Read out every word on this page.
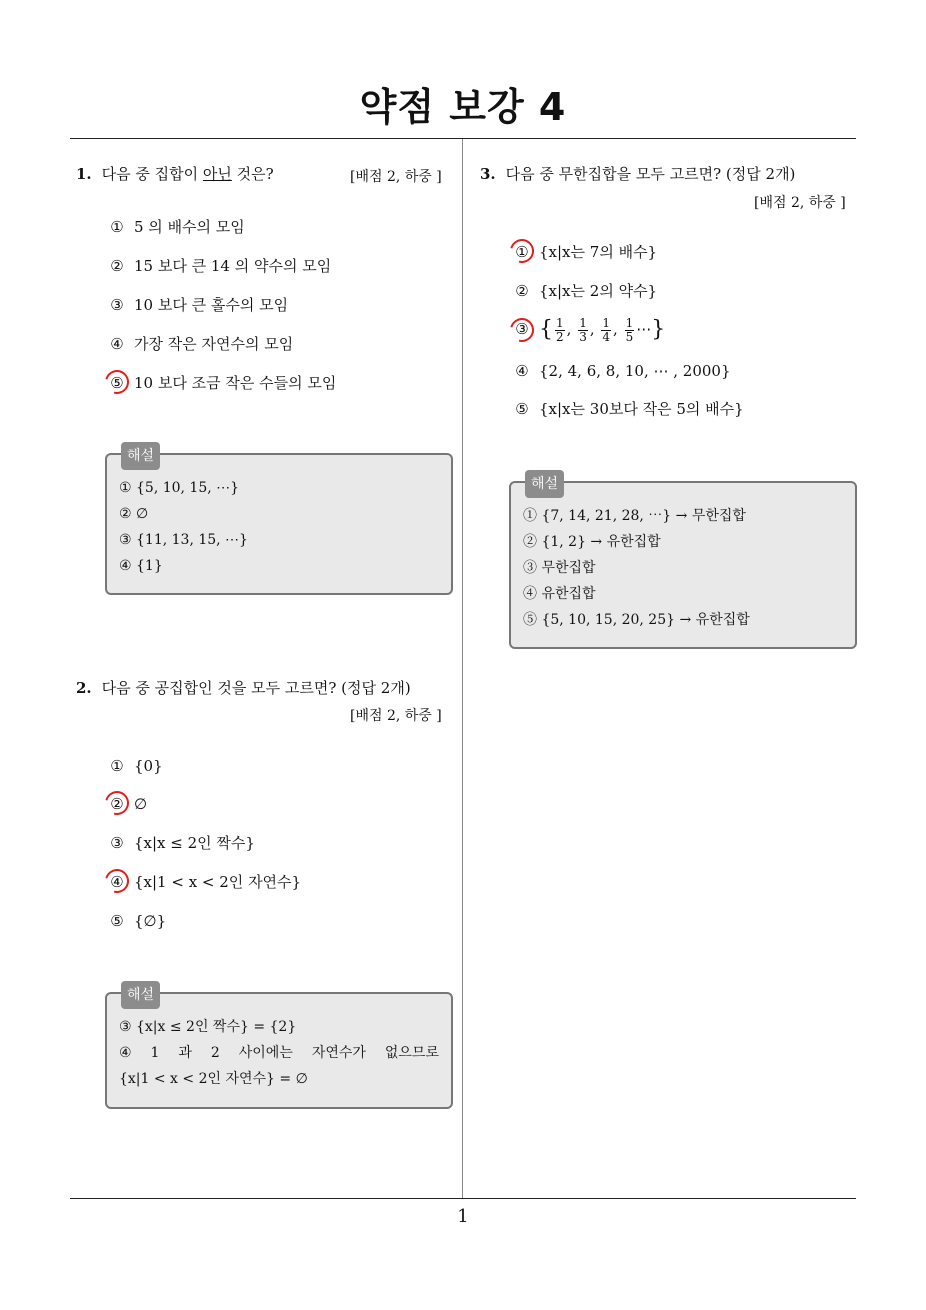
약점 보강 4
1. 다음 중 집합이 아닌 것은?	[배점 2, 하중 ]
① 5 의 배수의 모임
② 15 보다 큰 14 의 약수의 모임
③ 10 보다 큰 홀수의 모임
④ 가장 작은 자연수의 모임
⑤ 10 보다 조금 작은 수들의 모임
해설
① {5, 10, 15, ⋯}
② ∅
③ {11, 13, 15, ⋯}
④ {1}
2. 다음 중 공집합인 것을 모두 고르면? (정답 2개)
[배점 2, 하중 ]
① {0}
② ∅
③ {x|x ≤ 2인 짝수}
④ {x|1 < x < 2인 자연수}
⑤ {∅}
해설
③ {x|x ≤ 2인 짝수} = {2}
④ 1 과 2 사이에는 자연수가 없으므로
{x|1 < x < 2인 자연수} = ∅
3. 다음 중 무한집합을 모두 고르면? (정답 2개)
[배점 2, 하중 ]
① {x|x는 7의 배수}
② {x|x는 2의 약수}
③ { $\frac{1}{2}$ , $\frac{1}{3}$ , $\frac{1}{4}$ , $\frac{1}{5}$ ⋯}
④ {2, 4, 6, 8, 10, ⋯ , 2000}
⑤ {x|x는 30보다 작은 5의 배수}
해설
① {7, 14, 21, 28, ⋯} → 무한집합
② {1, 2} → 유한집합
③ 무한집합
④ 유한집합
⑤ {5, 10, 15, 20, 25} → 유한집합
1
